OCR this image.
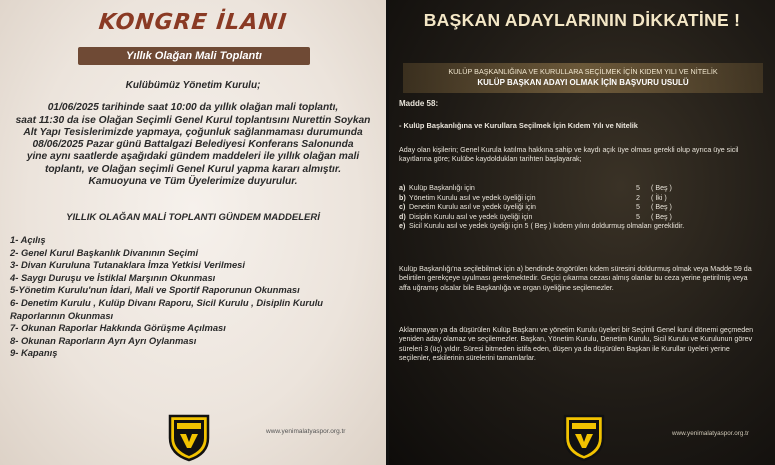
KONGRE İLANI
Yıllık Olağan Mali Toplantı
Kulübümüz Yönetim Kurulu;
01/06/2025 tarihinde saat 10:00 da yıllık olağan mali toplantı,
saat 11:30 da ise Olağan Seçimli Genel Kurul toplantısını Nurettin Soykan
Alt Yapı Tesislerimizde yapmaya, çoğunluk sağlanmaması durumunda
08/06/2025 Pazar günü Battalgazi Belediyesi Konferans Salonunda
yine aynı saatlerde aşağıdaki gündem maddeleri ile yıllık olağan mali
toplantı, ve Olağan seçimli Genel Kurul yapma kararı almıştır.
Kamuoyuna ve Tüm Üyelerimize duyurulur.
YILLIK OLAĞAN MALİ TOPLANTI GÜNDEM MADDELERİ
1- Açılış
2- Genel Kurul Başkanlık Divanının Seçimi
3- Divan Kuruluna Tutanaklara İmza Yetkisi Verilmesi
4- Saygı Duruşu ve İstiklal Marşının Okunması
5-Yönetim Kurulu'nun İdari, Mali ve Sportif Raporunun Okunması
6- Denetim Kurulu , Kulüp Divanı Raporu, Sicil Kurulu , Disiplin Kurulu
Raporlarının Okunması
7- Okunan Raporlar Hakkında Görüşme Açılması
8- Okunan Raporların Ayrı Ayrı Oylanması
9- Kapanış
www.yenimalatyaspor.org.tr
BAŞKAN ADAYLARININ DİKKATİNE !
KULÜP BAŞKANLIĞINA VE KURULLARA SEÇİLMEK İÇİN KIDEM YILI VE NİTELİK
KULÜP BAŞKAN ADAYI OLMAK İÇİN BAŞVURU USULÜ
Madde 58:
- Kulüp Başkanlığına ve Kurullara Seçilmek İçin Kıdem Yılı ve Nitelik
Aday olan kişilerin; Genel Kurula katılma hakkına sahip ve kaydı açık üye olması gerekli olup ayrıca üye sicil kayıtlarına göre; Kulübe kaydoldukları tarihten başlayarak;
a) Kulüp Başkanlığı için	5 ( Beş )
b) Yönetim Kurulu asıl ve yedek üyeliği için	2 ( İki )
c) Denetim Kurulu asıl ve yedek üyeliği için	5 ( Beş )
d) Disiplin Kurulu asıl ve yedek üyeliği için	5 ( Beş )
e) Sicil Kurulu asıl ve yedek üyeliği için 5 ( Beş ) kıdem yılını doldurmuş olmaları gereklidir.
Kulüp Başkanlığı'na seçilebilmek için a) bendinde öngörülen kıdem süresini doldurmuş olmak veya Madde 59 da belirtilen gerekçeye uyulması gerekmektedir. Geçici çıkarma cezası almış olanlar bu ceza yerine getirilmiş veya affa uğramış olsalar bile Başkanlığa ve organ üyeliğine seçilemezler.
Aklanmayan ya da düşürülen Kulüp Başkanı ve yönetim Kurulu üyeleri bir Seçimli Genel kurul dönemi geçmeden yeniden aday olamaz ve seçilemezler. Başkan, Yönetim Kurulu, Denetim Kurulu, Sicil Kurulu ve Kurulunun görev süreleri 3 (üç) yıldır. Süresi bitmeden istifa eden, düşen ya da düşürülen Başkan ile Kurullar üyeleri yerine seçilenler, eskilerinin sürelerini tamamlarlar.
www.yenimalatyaspor.org.tr
